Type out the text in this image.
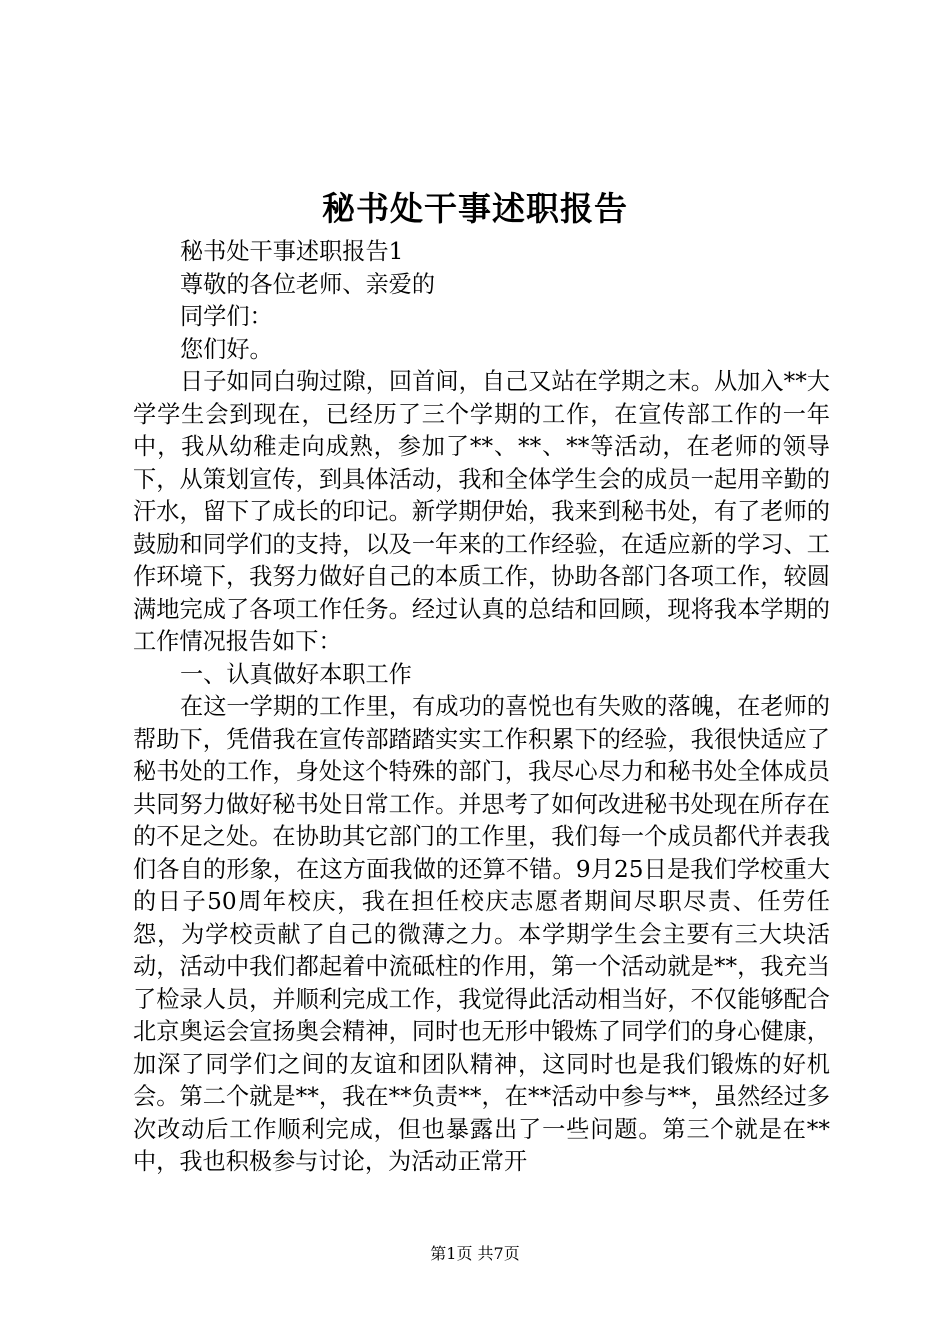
秘书处干事述职报告
秘书处干事述职报告1
尊敬的各位老师、亲爱的
同学们：
您们好。

日子如同白驹过隙，回首间，自己又站在学期之末。从加入**大学学生会到现在，已经历了三个学期的工作，在宣传部工作的一年中，我从幼稚走向成熟，参加了**、**、**等活动，在老师的领导下，从策划宣传，到具体活动，我和全体学生会的成员一起用辛勤的汗水，留下了成长的印记。新学期伊始，我来到秘书处，有了老师的鼓励和同学们的支持，以及一年来的工作经验，在适应新的学习、工作环境下，我努力做好自己的本质工作，协助各部门各项工作，较圆满地完成了各项工作任务。经过认真的总结和回顾，现将我本学期的工作情况报告如下：

一、认真做好本职工作

在这一学期的工作里，有成功的喜悦也有失败的落魄，在老师的帮助下，凭借我在宣传部踏踏实实工作积累下的经验，我很快适应了秘书处的工作，身处这个特殊的部门，我尽心尽力和秘书处全体成员共同努力做好秘书处日常工作。并思考了如何改进秘书处现在所存在的不足之处。在协助其它部门的工作里，我们每一个成员都代并表我们各自的形象，在这方面我做的还算不错。9月25日是我们学校重大的日子50周年校庆，我在担任校庆志愿者期间尽职尽责、任劳任怨，为学校贡献了自己的微薄之力。本学期学生会主要有三大块活动，活动中我们都起着中流砥柱的作用，第一个活动就是**，我充当了检录人员，并顺利完成工作，我觉得此活动相当好，不仅能够配合北京奥运会宣扬奥会精神，同时也无形中锻炼了同学们的身心健康，加深了同学们之间的友谊和团队精神，这同时也是我们锻炼的好机会。第二个就是**，我在**负责**，在**活动中参与**，虽然经过多次改动后工作顺利完成，但也暴露出了一些问题。第三个就是在**中，我也积极参与讨论，为活动正常开

第1页 共7页
